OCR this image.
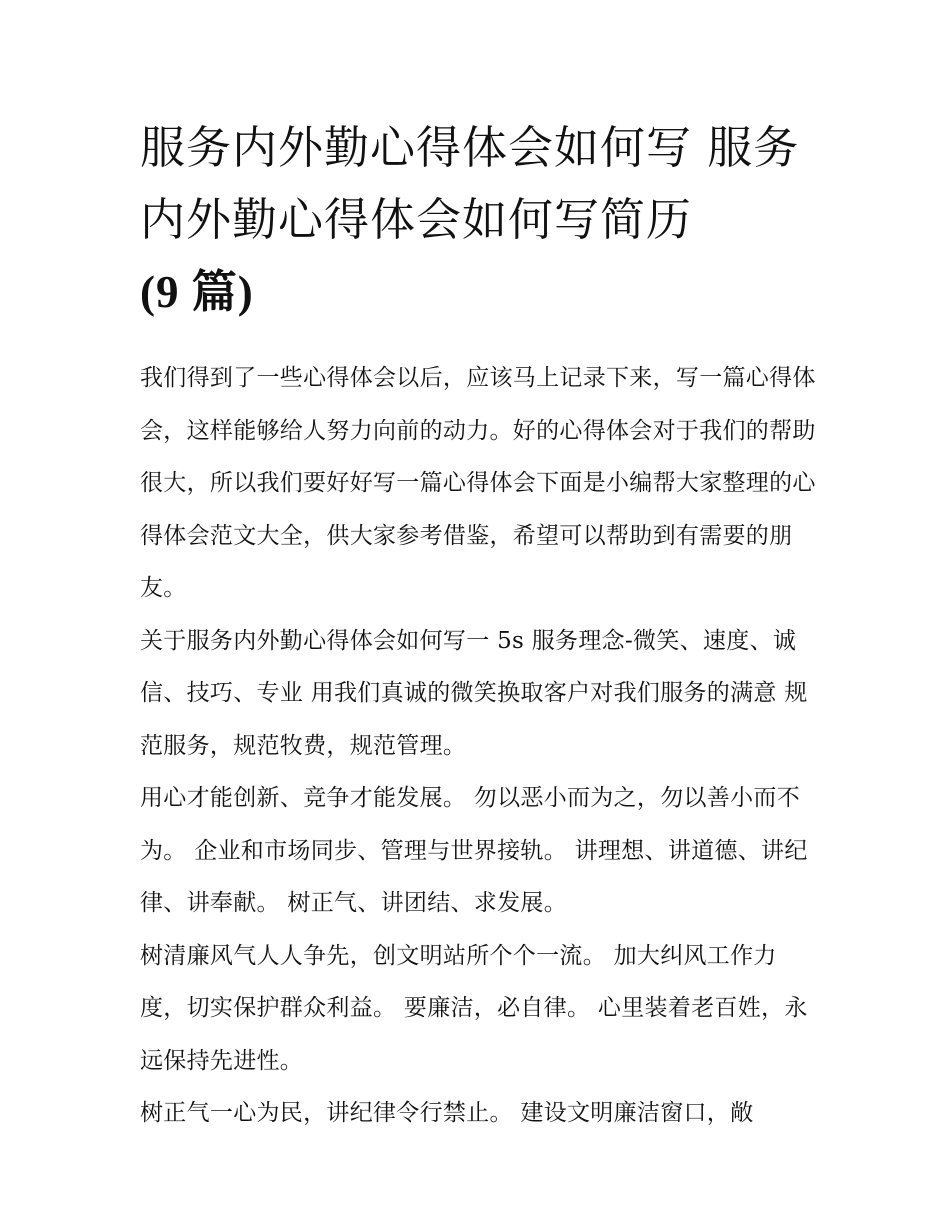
服务内外勤心得体会如何写 服务内外勤心得体会如何写简历
(9 篇)

我们得到了一些心得体会以后，应该马上记录下来，写一篇心得体会，这样能够给人努力向前的动力。好的心得体会对于我们的帮助很大，所以我们要好好写一篇心得体会下面是小编帮大家整理的心得体会范文大全，供大家参考借鉴，希望可以帮助到有需要的朋友。

关于服务内外勤心得体会如何写一 5s 服务理念-微笑、速度、诚信、技巧、专业 用我们真诚的微笑换取客户对我们服务的满意 规范服务，规范牧费，规范管理。

用心才能创新、竞争才能发展。 勿以恶小而为之，勿以善小而不为。 企业和市场同步、管理与世界接轨。 讲理想、讲道德、讲纪律、讲奉献。 树正气、讲团结、求发展。

树清廉风气人人争先，创文明站所个个一流。 加大纠风工作力度，切实保护群众利益。 要廉洁，必自律。 心里装着老百姓，永远保持先进性。

树正气一心为民，讲纪律令行禁止。 建设文明廉洁窗口，敞
